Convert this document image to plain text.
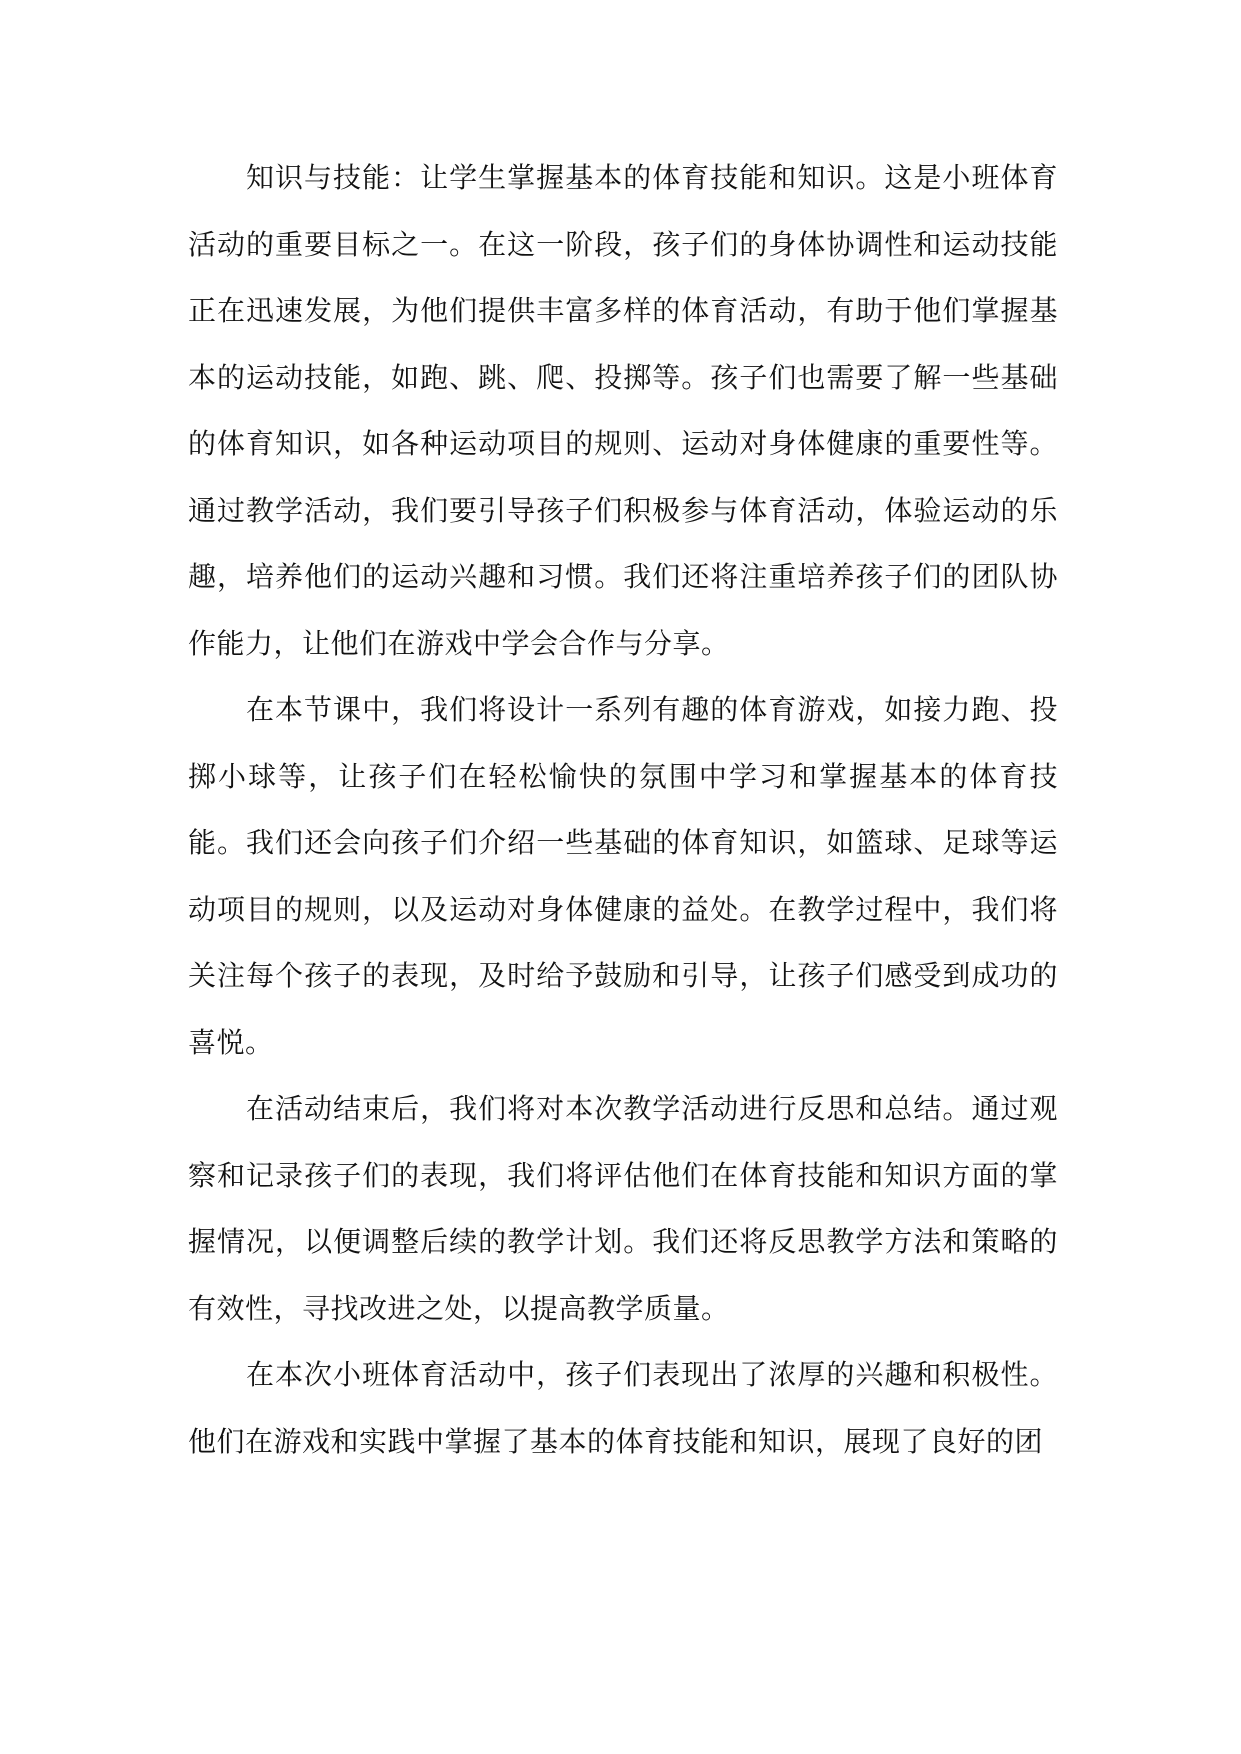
知识与技能：让学生掌握基本的体育技能和知识。这是小班体育活动的重要目标之一。在这一阶段，孩子们的身体协调性和运动技能正在迅速发展，为他们提供丰富多样的体育活动，有助于他们掌握基本的运动技能，如跑、跳、爬、投掷等。孩子们也需要了解一些基础的体育知识，如各种运动项目的规则、运动对身体健康的重要性等。通过教学活动，我们要引导孩子们积极参与体育活动，体验运动的乐趣，培养他们的运动兴趣和习惯。我们还将注重培养孩子们的团队协作能力，让他们在游戏中学会合作与分享。

在本节课中，我们将设计一系列有趣的体育游戏，如接力跑、投掷小球等，让孩子们在轻松愉快的氛围中学习和掌握基本的体育技能。我们还会向孩子们介绍一些基础的体育知识，如篮球、足球等运动项目的规则，以及运动对身体健康的益处。在教学过程中，我们将关注每个孩子的表现，及时给予鼓励和引导，让孩子们感受到成功的喜悦。

在活动结束后，我们将对本次教学活动进行反思和总结。通过观察和记录孩子们的表现，我们将评估他们在体育技能和知识方面的掌握情况，以便调整后续的教学计划。我们还将反思教学方法和策略的有效性，寻找改进之处，以提高教学质量。

在本次小班体育活动中，孩子们表现出了浓厚的兴趣和积极性。他们在游戏和实践中掌握了基本的体育技能和知识，展现了良好的团
